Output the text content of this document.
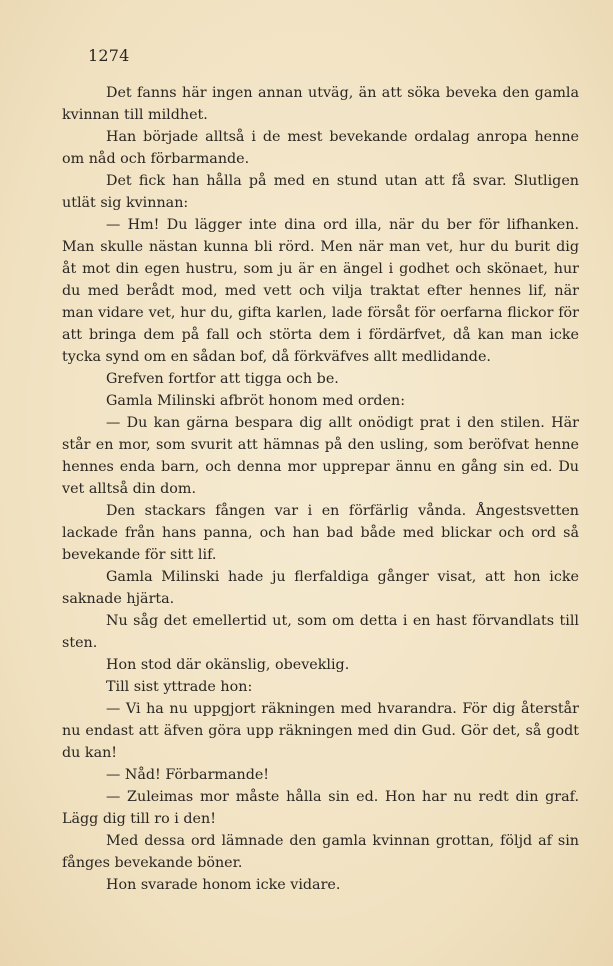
1274

Det fanns här ingen annan utväg, än att söka beveka den gamla kvinnan till mildhet.

Han började alltså i de mest bevekande ordalag anropa henne om nåd och förbarmande.

Det fick han hålla på med en stund utan att få svar. Slutligen utlät sig kvinnan:

— Hm! Du lägger inte dina ord illa, när du ber för lifhanken. Man skulle nästan kunna bli rörd. Men när man vet, hur du burit dig åt mot din egen hustru, som ju är en ängel i godhet och skönaet, hur du med berådt mod, med vett och vilja traktat efter hennes lif, när man vidare vet, hur du, gifta karlen, lade försåt för oerfarna flickor för att bringa dem på fall och störta dem i fördärfvet, då kan man icke tycka synd om en sådan bof, då förkväfves allt medlidande.

Grefven fortfor att tigga och be.

Gamla Milinski afbröt honom med orden:

— Du kan gärna bespara dig allt onödigt prat i den stilen. Här står en mor, som svurit att hämnas på den usling, som beröfvat henne hennes enda barn, och denna mor upprepar ännu en gång sin ed. Du vet alltså din dom.

Den stackars fången var i en förfärlig vånda. Ångestsvetten lackade från hans panna, och han bad både med blickar och ord så bevekande för sitt lif.

Gamla Milinski hade ju flerfaldiga gånger visat, att hon icke saknade hjärta.

Nu såg det emellertid ut, som om detta i en hast förvandlats till sten.

Hon stod där okänslig, obeveklig.

Till sist yttrade hon:

— Vi ha nu uppgjort räkningen med hvarandra. För dig återstår nu endast att äfven göra upp räkningen med din Gud. Gör det, så godt du kan!

— Nåd! Förbarmande!

— Zuleimas mor måste hålla sin ed. Hon har nu redt din graf. Lägg dig till ro i den!

Med dessa ord lämnade den gamla kvinnan grottan, följd af sin fånges bevekande böner.

Hon svarade honom icke vidare.
